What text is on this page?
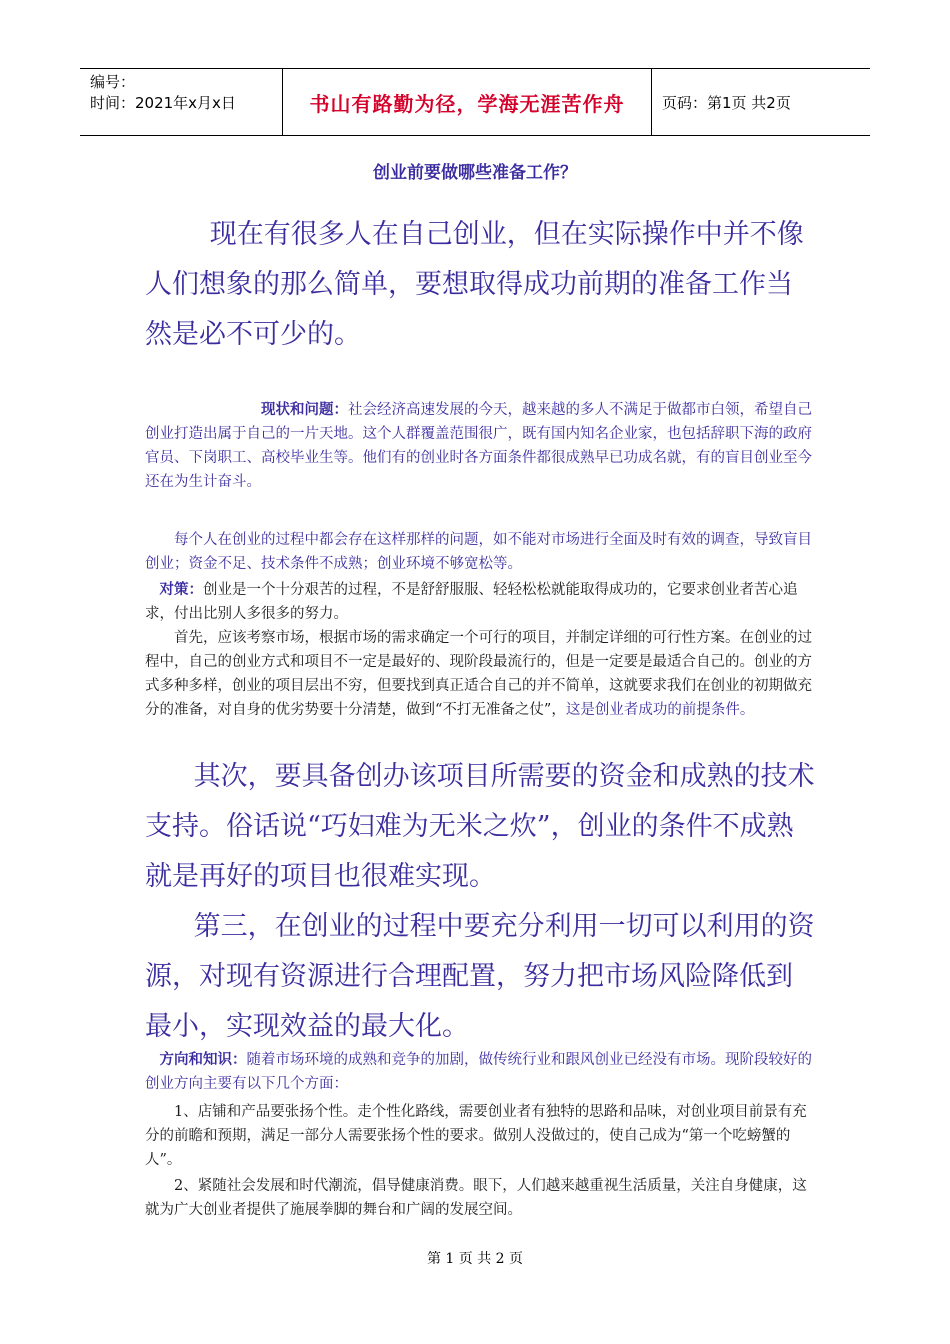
编号：
时间：2021年x月x日	书山有路勤为径，学海无涯苦作舟	页码：第1页 共2页
创业前要做哪些准备工作？
现在有很多人在自己创业，但在实际操作中并不像人们想象的那么简单，要想取得成功前期的准备工作当然是必不可少的。
现状和问题：社会经济高速发展的今天，越来越的多人不满足于做都市白领，希望自己创业打造出属于自己的一片天地。这个人群覆盖范围很广，既有国内知名企业家，也包括辞职下海的政府官员、下岗职工、高校毕业生等。他们有的创业时各方面条件都很成熟早已功成名就，有的盲目创业至今还在为生计奋斗。
每个人在创业的过程中都会存在这样那样的问题，如不能对市场进行全面及时有效的调查，导致盲目创业；资金不足、技术条件不成熟；创业环境不够宽松等。
对策：创业是一个十分艰苦的过程，不是舒舒服服、轻轻松松就能取得成功的，它要求创业者苦心追求，付出比别人多很多的努力。
首先，应该考察市场，根据市场的需求确定一个可行的项目，并制定详细的可行性方案。在创业的过程中，自己的创业方式和项目不一定是最好的、现阶段最流行的，但是一定要是最适合自己的。创业的方式多种多样，创业的项目层出不穷，但要找到真正适合自己的并不简单，这就要求我们在创业的初期做充分的准备，对自身的优劣势要十分清楚，做到“不打无准备之仗”，这是创业者成功的前提条件。
其次，要具备创办该项目所需要的资金和成熟的技术支持。俗话说“巧妇难为无米之炊”，创业的条件不成熟就是再好的项目也很难实现。
第三，在创业的过程中要充分利用一切可以利用的资源，对现有资源进行合理配置，努力把市场风险降低到最小，实现效益的最大化。
方向和知识：随着市场环境的成熟和竞争的加剧，做传统行业和跟风创业已经没有市场。现阶段较好的创业方向主要有以下几个方面：
1、店铺和产品要张扬个性。走个性化路线，需要创业者有独特的思路和品味，对创业项目前景有充分的前瞻和预期，满足一部分人需要张扬个性的要求。做别人没做过的，使自己成为“第一个吃螃蟹的人”。
2、紧随社会发展和时代潮流，倡导健康消费。眼下，人们越来越重视生活质量，关注自身健康，这就为广大创业者提供了施展拳脚的舞台和广阔的发展空间。
第 1 页 共 2 页
